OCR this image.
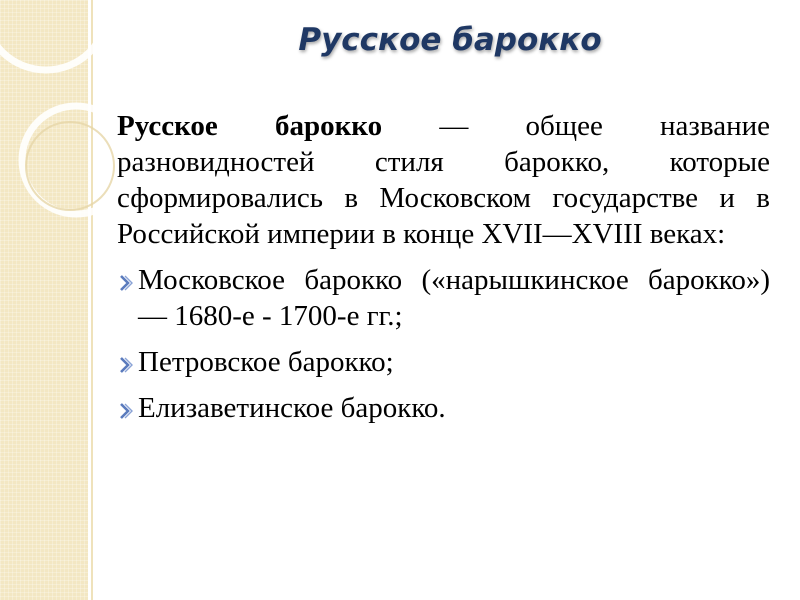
Русское барокко

Русское барокко — общее название разновидностей стиля барокко, которые сформировались в Московском государстве и в Российской империи в конце XVII—XVIII веках:

Московское барокко («нарышкинское барокко») — 1680-е - 1700-е гг.;
Петровское барокко;
Елизаветинское барокко.
